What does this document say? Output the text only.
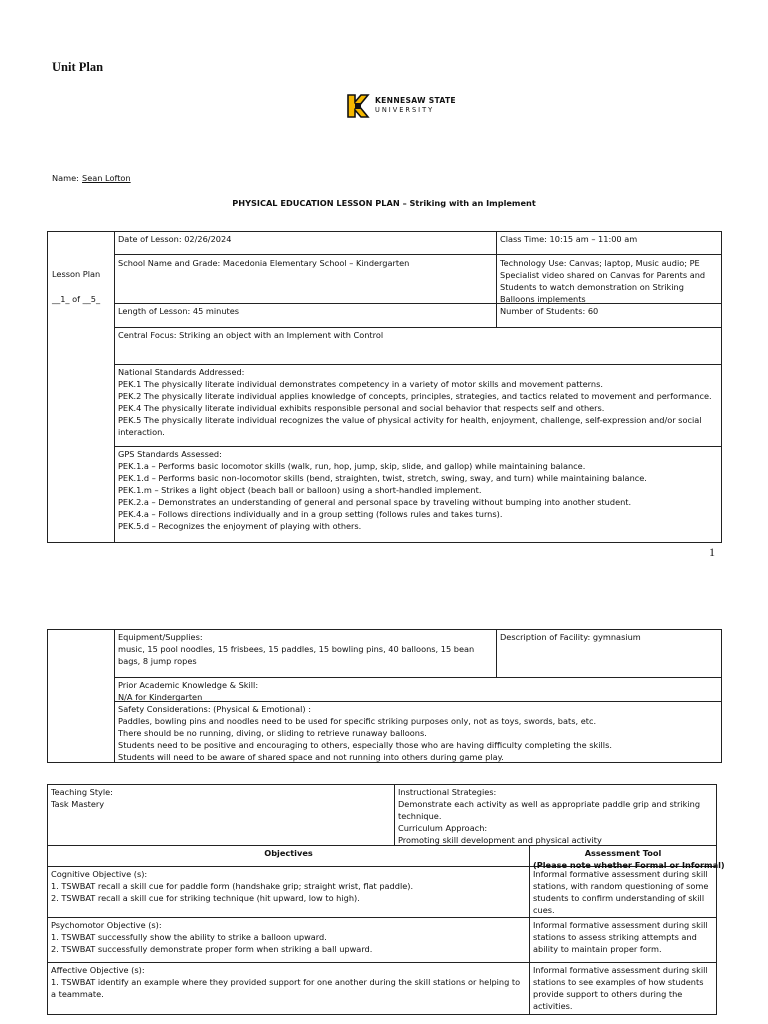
Unit Plan
KENNESAW STATE
UNIVERSITY
Name: Sean Lofton
PHYSICAL EDUCATION LESSON PLAN – Striking with an Implement
Lesson Plan
__1_ of __5_
Date of Lesson: 02/26/2024	Class Time: 10:15 am – 11:00 am
School Name and Grade: Macedonia Elementary School – Kindergarten	Technology Use: Canvas; laptop, Music audio; PE Specialist video shared on Canvas for Parents and Students to watch demonstration on Striking Balloons implements
Length of Lesson: 45 minutes	Number of Students: 60
Central Focus: Striking an object with an Implement with Control
National Standards Addressed:
PEK.1 The physically literate individual demonstrates competency in a variety of motor skills and movement patterns.
PEK.2 The physically literate individual applies knowledge of concepts, principles, strategies, and tactics related to movement and performance.
PEK.4 The physically literate individual exhibits responsible personal and social behavior that respects self and others.
PEK.5 The physically literate individual recognizes the value of physical activity for health, enjoyment, challenge, self-expression and/or social
interaction.
GPS Standards Assessed:
PEK.1.a – Performs basic locomotor skills (walk, run, hop, jump, skip, slide, and gallop) while maintaining balance.
PEK.1.d – Performs basic non-locomotor skills (bend, straighten, twist, stretch, swing, sway, and turn) while maintaining balance.
PEK.1.m – Strikes a light object (beach ball or balloon) using a short-handled implement.
PEK.2.a – Demonstrates an understanding of general and personal space by traveling without bumping into another student.
PEK.4.a – Follows directions individually and in a group setting (follows rules and takes turns).
PEK.5.d – Recognizes the enjoyment of playing with others.
1
Equipment/Supplies:
music, 15 pool noodles, 15 frisbees, 15 paddles, 15 bowling pins, 40 balloons, 15 bean bags, 8 jump ropes
Description of Facility: gymnasium
Prior Academic Knowledge & Skill:
N/A for Kindergarten
Safety Considerations: (Physical & Emotional) :
Paddles, bowling pins and noodles need to be used for specific striking purposes only, not as toys, swords, bats, etc.
There should be no running, diving, or sliding to retrieve runaway balloons.
Students need to be positive and encouraging to others, especially those who are having difficulty completing the skills.
Students will need to be aware of shared space and not running into others during game play.
Teaching Style:
Task Mastery
Instructional Strategies:
Demonstrate each activity as well as appropriate paddle grip and striking technique.
Curriculum Approach:
Promoting skill development and physical activity
Objectives	Assessment Tool
(Please note whether Formal or Informal)
Cognitive Objective (s):
1. TSWBAT recall a skill cue for paddle form (handshake grip; straight wrist, flat paddle).
2. TSWBAT recall a skill cue for striking technique (hit upward, low to high).
Informal formative assessment during skill stations, with random questioning of some students to confirm understanding of skill cues.
Psychomotor Objective (s):
1. TSWBAT successfully show the ability to strike a balloon upward.
2. TSWBAT successfully demonstrate proper form when striking a ball upward.
Informal formative assessment during skill stations to assess striking attempts and ability to maintain proper form.
Affective Objective (s):
1. TSWBAT identify an example where they provided support for one another during the skill stations or helping to
a teammate.
Informal formative assessment during skill stations to see examples of how students provide support to others during the activities.
